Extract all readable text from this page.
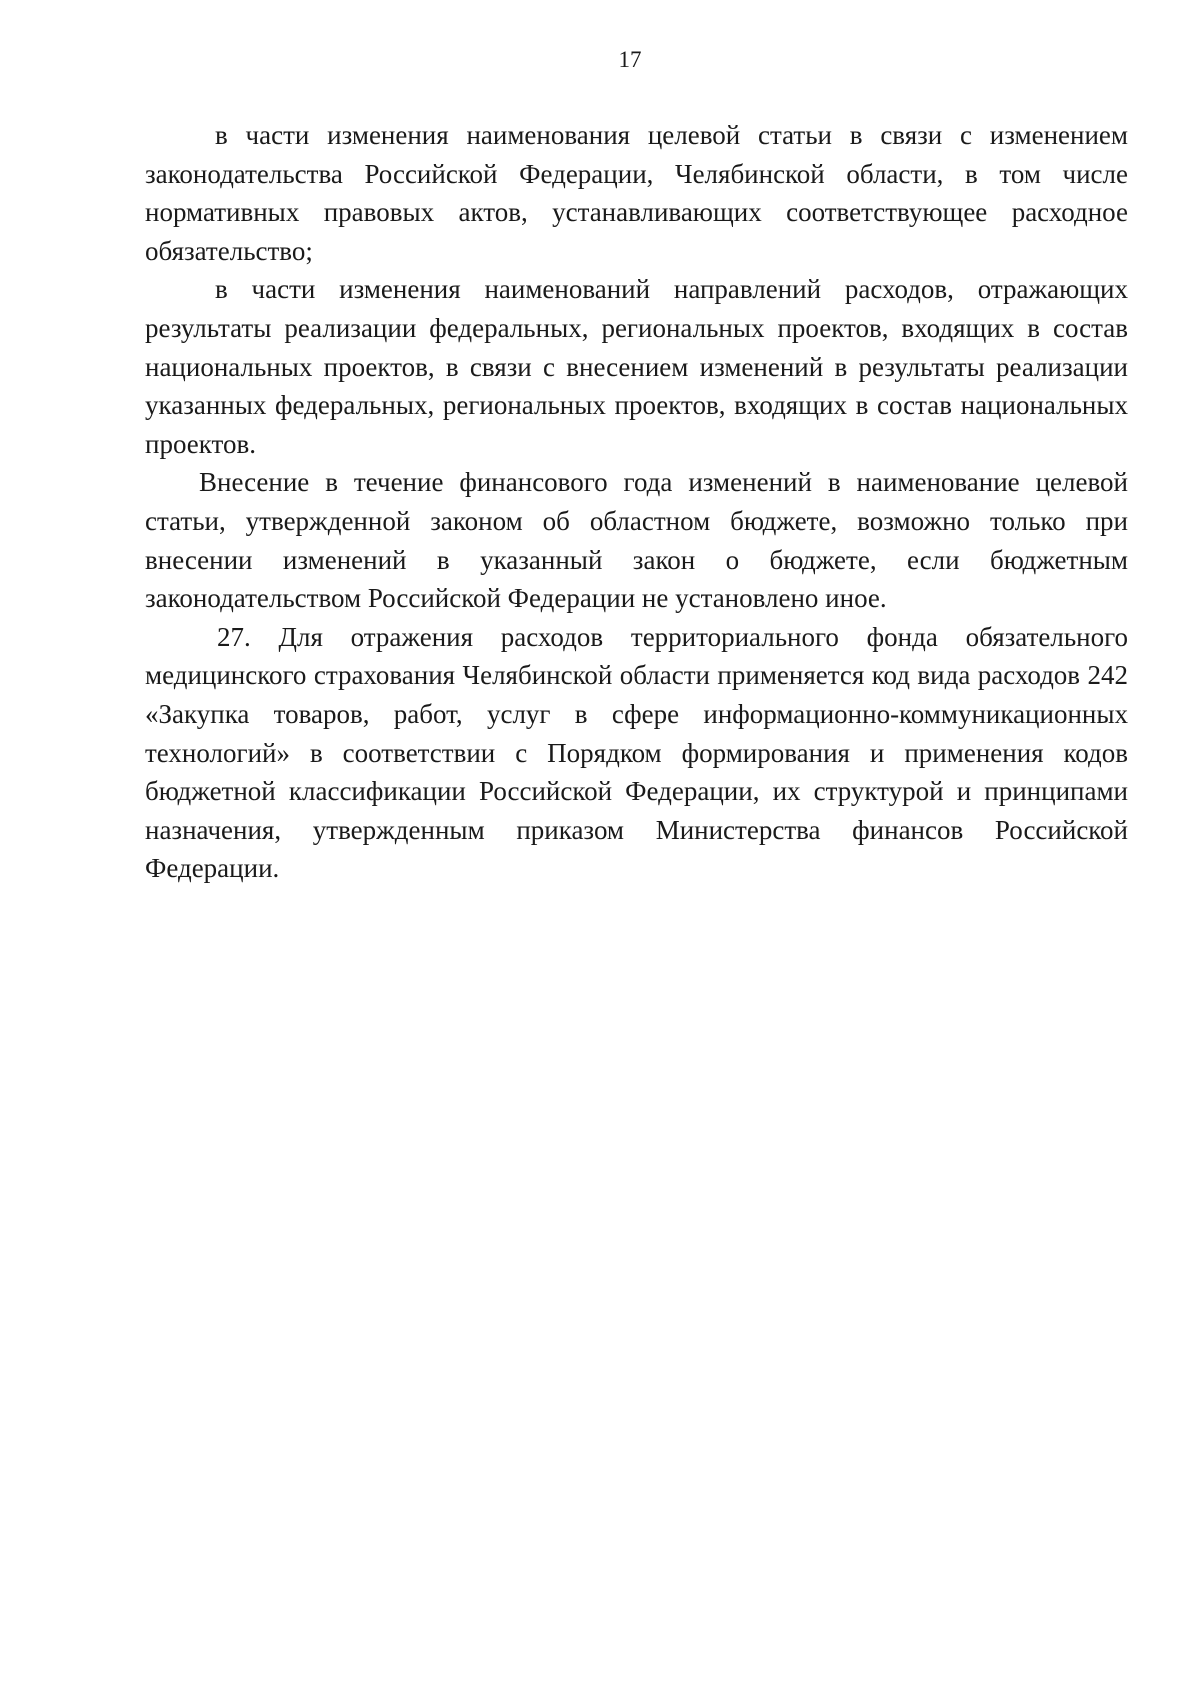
17

в части изменения наименования целевой статьи в связи с изменением законодательства Российской Федерации, Челябинской области, в том числе нормативных правовых актов, устанавливающих соответствующее расходное обязательство;

в части изменения наименований направлений расходов, отражающих результаты реализации федеральных, региональных проектов, входящих в состав национальных проектов, в связи с внесением изменений в результаты реализации указанных федеральных, региональных проектов, входящих в состав национальных проектов.

Внесение в течение финансового года изменений в наименование целевой статьи, утвержденной законом об областном бюджете, возможно только при внесении изменений в указанный закон о бюджете, если бюджетным законодательством Российской Федерации не установлено иное.

27. Для отражения расходов территориального фонда обязательного медицинского страхования Челябинской области применяется код вида расходов 242 «Закупка товаров, работ, услуг в сфере информационно-коммуникационных технологий» в соответствии с Порядком формирования и применения кодов бюджетной классификации Российской Федерации, их структурой и принципами назначения, утвержденным приказом Министерства финансов Российской Федерации.
